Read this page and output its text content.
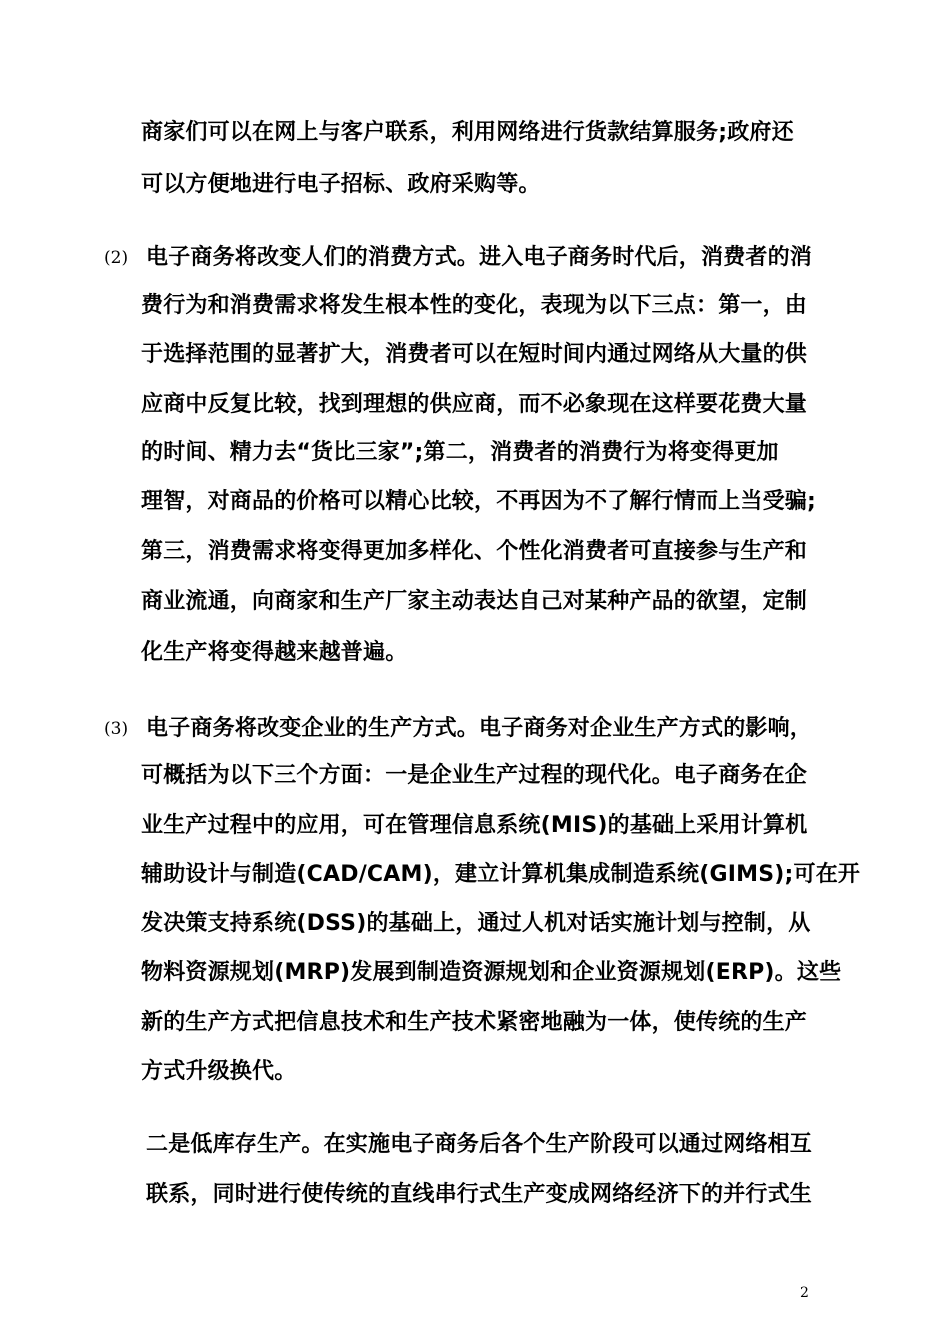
商家们可以在网上与客户联系，利用网络进行货款结算服务;政府还
可以方便地进行电子招标、政府采购等。
(2) 电子商务将改变人们的消费方式。进入电子商务时代后，消费者的消
费行为和消费需求将发生根本性的变化，表现为以下三点：第一，由
于选择范围的显著扩大，消费者可以在短时间内通过网络从大量的供
应商中反复比较，找到理想的供应商，而不必象现在这样要花费大量
的时间、精力去“货比三家”;第二，消费者的消费行为将变得更加
理智，对商品的价格可以精心比较，不再因为不了解行情而上当受骗;
第三，消费需求将变得更加多样化、个性化消费者可直接参与生产和
商业流通，向商家和生产厂家主动表达自己对某种产品的欲望，定制
化生产将变得越来越普遍。
(3) 电子商务将改变企业的生产方式。电子商务对企业生产方式的影响，
可概括为以下三个方面：一是企业生产过程的现代化。电子商务在企
业生产过程中的应用，可在管理信息系统(MIS)的基础上采用计算机
辅助设计与制造(CAD/CAM)，建立计算机集成制造系统(GIMS);可在开
发决策支持系统(DSS)的基础上，通过人机对话实施计划与控制，从
物料资源规划(MRP)发展到制造资源规划和企业资源规划(ERP)。这些
新的生产方式把信息技术和生产技术紧密地融为一体，使传统的生产
方式升级换代。
二是低库存生产。在实施电子商务后各个生产阶段可以通过网络相互
联系，同时进行使传统的直线串行式生产变成网络经济下的并行式生
2
